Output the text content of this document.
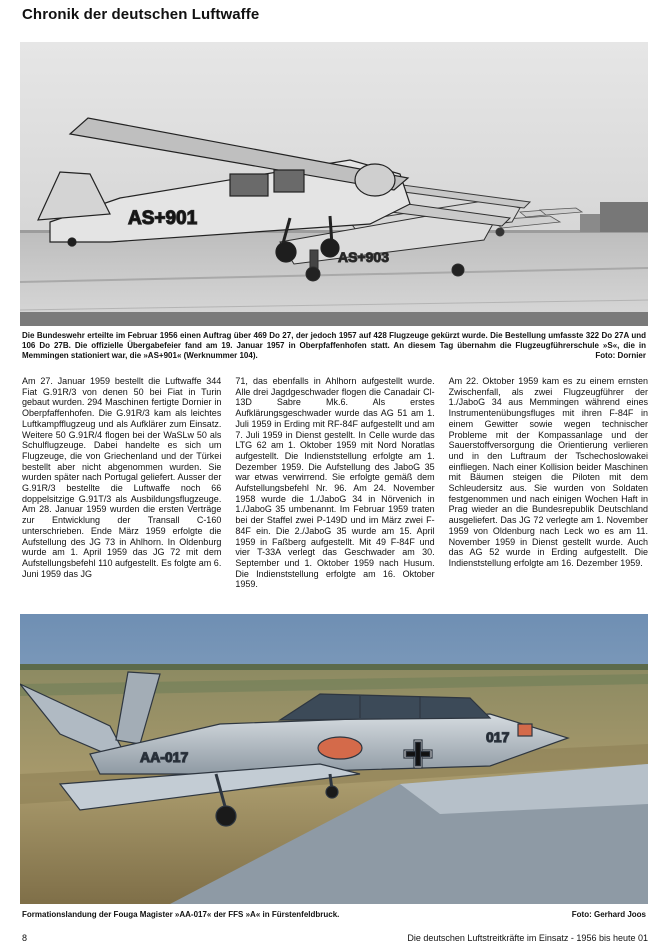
Chronik der deutschen Luftwaffe
AS+903
AS+901
Die Bundeswehr erteilte im Februar 1956 einen Auftrag über 469 Do 27, der jedoch 1957 auf 428 Flugzeuge gekürzt wurde. Die Bestellung umfasste 322 Do 27A und 106 Do 27B. Die offizielle Übergabefeier fand am 19. Januar 1957 in Oberpfaffenhofen statt. An diesem Tag übernahm die Flugzeugführerschule »S«, die in Memmingen stationiert war, die »AS+901« (Werknummer 104).	Foto: Dornier
Am 27. Januar 1959 bestellt die Luftwaffe 344 Fiat G.91R/3 von denen 50 bei Fiat in Turin gebaut wurden. 294 Maschinen fertigte Dornier in Oberpfaffenhofen. Die G.91R/3 kam als leichtes Luftkampfflugzeug und als Aufklärer zum Einsatz. Weitere 50 G.91R/4 flogen bei der WaSLw 50 als Schulflugzeuge. Dabei handelte es sich um Flugzeuge, die von Griechenland und der Türkei bestellt aber nicht abgenommen wurden. Sie wurden später nach Portugal geliefert. Ausser der G.91R/3 bestellte die Luftwaffe noch 66 doppelsitzige G.91T/3 als Ausbildungsflugzeuge. Am 28. Januar 1959 wurden die ersten Verträge zur Entwicklung der Transall C-160 unterschrieben. Ende März 1959 erfolgte die Aufstellung des JG 73 in Ahlhorn. In Oldenburg wurde am 1. April 1959 das JG 72 mit dem Aufstellungsbefehl 110 aufgestellt. Es folgte am 6. Juni 1959 das JG
71, das ebenfalls in Ahlhorn aufgestellt wurde. Alle drei Jagdgeschwader flogen die Canadair Cl-13D Sabre Mk.6. Als erstes Aufklärungsgeschwader wurde das AG 51 am 1. Juli 1959 in Erding mit RF-84F aufgestellt und am 7. Juli 1959 in Dienst gestellt. In Celle wurde das LTG 62 am 1. Oktober 1959 mit Nord Noratlas aufgestellt. Die Indienststellung erfolgte am 1. Dezember 1959. Die Aufstellung des JaboG 35 war etwas verwirrend. Sie erfolgte gemäß dem Aufstellungsbefehl Nr. 96. Am 24. November 1958 wurde die 1./JaboG 34 in Nörvenich in 1./JaboG 35 umbenannt. Im Februar 1959 traten bei der Staffel zwei P-149D und im März zwei F-84F ein. Die 2./JaboG 35 wurde am 15. April 1959 in Faßberg aufgestellt. Mit 49 F-84F und vier T-33A verlegt das Geschwader am 30. September und 1. Oktober 1959 nach Husum. Die Indienststellung erfolgte am 16. Oktober 1959.
Am 22. Oktober 1959 kam es zu einem ernsten Zwischenfall, als zwei Flugzeugführer der 1./JaboG 34 aus Memmingen während eines Instrumentenübungsfluges mit ihren F-84F in einem Gewitter sowie wegen technischer Probleme mit der Kompassanlage und der Sauerstoffversorgung die Orientierung verlieren und in den Luftraum der Tschechoslowakei einfliegen. Nach einer Kollision beider Maschinen mit Bäumen steigen die Piloten mit dem Schleudersitz aus. Sie wurden von Soldaten festgenommen und nach einigen Wochen Haft in Prag wieder an die Bundesrepublik Deutschland ausgeliefert. Das JG 72 verlegte am 1. November 1959 von Oldenburg nach Leck wo es am 11. November 1959 in Dienst gestellt wurde. Auch das AG 52 wurde in Erding aufgestellt. Die Indienststellung erfolgte am 16. Dezember 1959.
AA-017
017
Formationslandung der Fouga Magister »AA-017« der FFS »A« in Fürstenfeldbruck.	Foto: Gerhard Joos
8	Die deutschen Luftstreitkräfte im Einsatz - 1956 bis heute 01
